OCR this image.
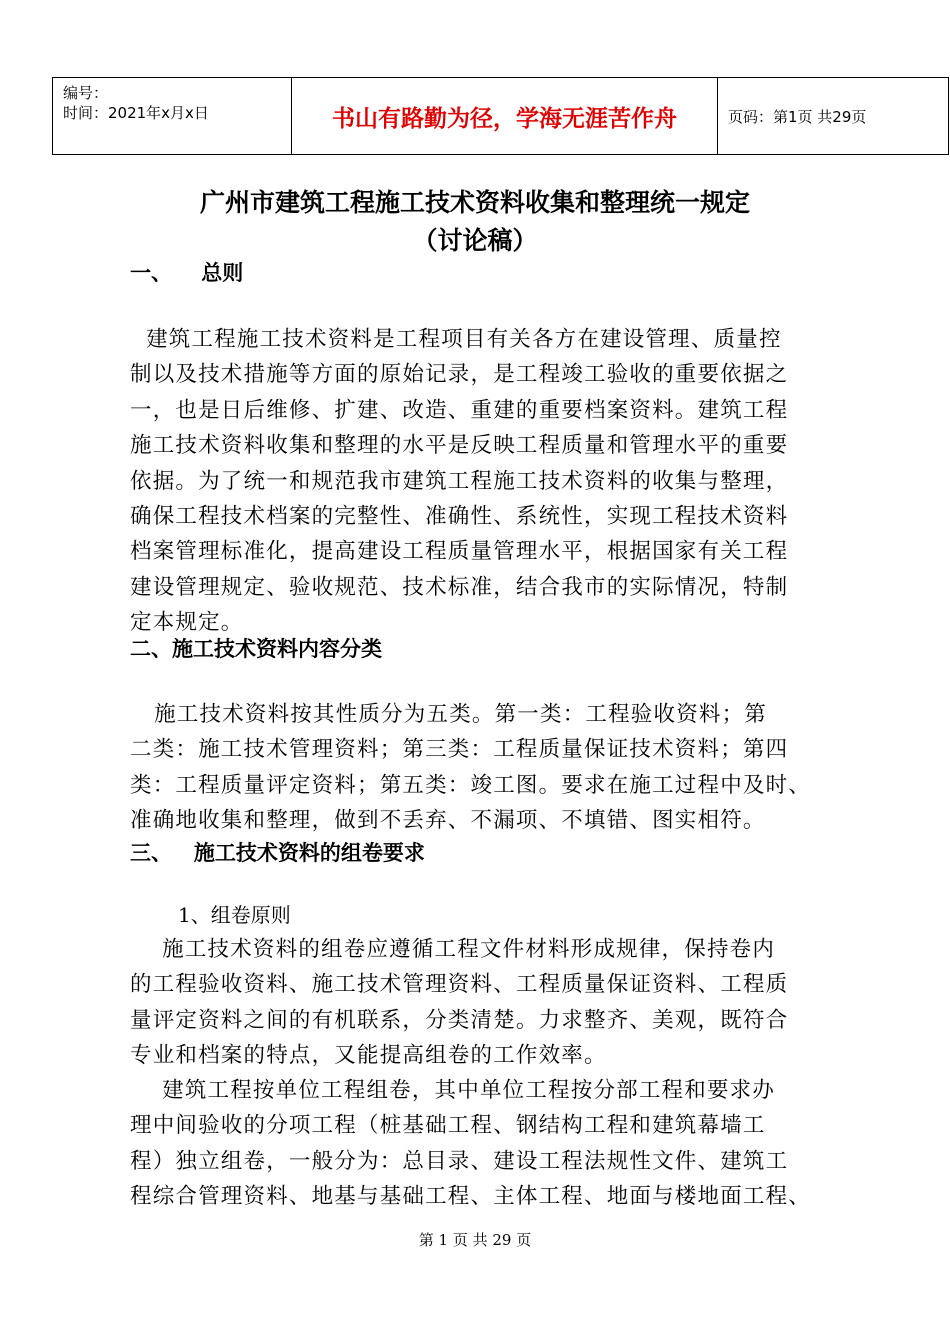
编号：
时间：2021年x月x日	书山有路勤为径，学海无涯苦作舟	页码：第1页 共29页
广州市建筑工程施工技术资料收集和整理统一规定
（讨论稿）
一、    总则
建筑工程施工技术资料是工程项目有关各方在建设管理、质量控
制以及技术措施等方面的原始记录，是工程竣工验收的重要依据之
一，也是日后维修、扩建、改造、重建的重要档案资料。建筑工程
施工技术资料收集和整理的水平是反映工程质量和管理水平的重要
依据。为了统一和规范我市建筑工程施工技术资料的收集与整理，
确保工程技术档案的完整性、准确性、系统性，实现工程技术资料
档案管理标准化，提高建设工程质量管理水平，根据国家有关工程
建设管理规定、验收规范、技术标准，结合我市的实际情况，特制
定本规定。
二、施工技术资料内容分类
施工技术资料按其性质分为五类。第一类：工程验收资料；第
二类：施工技术管理资料；第三类：工程质量保证技术资料；第四
类：工程质量评定资料；第五类：竣工图。要求在施工过程中及时、
准确地收集和整理，做到不丢弃、不漏项、不填错、图实相符。
三、   施工技术资料的组卷要求
1、组卷原则
施工技术资料的组卷应遵循工程文件材料形成规律，保持卷内
的工程验收资料、施工技术管理资料、工程质量保证资料、工程质
量评定资料之间的有机联系，分类清楚。力求整齐、美观，既符合
专业和档案的特点，又能提高组卷的工作效率。
建筑工程按单位工程组卷，其中单位工程按分部工程和要求办
理中间验收的分项工程（桩基础工程、钢结构工程和建筑幕墙工
程）独立组卷，一般分为：总目录、建设工程法规性文件、建筑工
程综合管理资料、地基与基础工程、主体工程、地面与楼地面工程、
第 1 页 共 29 页
